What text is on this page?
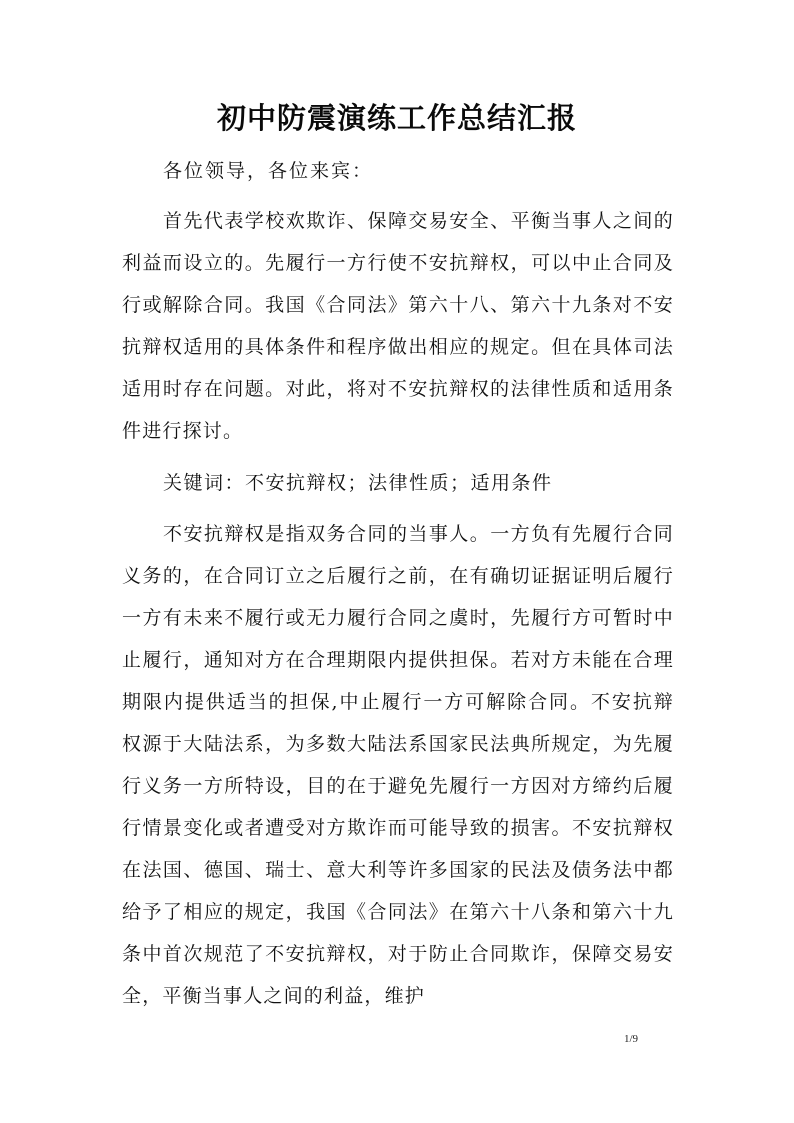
初中防震演练工作总结汇报
各位领导，各位来宾：

首先代表学校欢欺诈、保障交易安全、平衡当事人之间的利益而设立的。先履行一方行使不安抗辩权，可以中止合同及行或解除合同。我国《合同法》第六十八、第六十九条对不安抗辩权适用的具体条件和程序做出相应的规定。但在具体司法适用时存在问题。对此，将对不安抗辩权的法律性质和适用条件进行探讨。

关键词：不安抗辩权；法律性质；适用条件

不安抗辩权是指双务合同的当事人。一方负有先履行合同义务的，在合同订立之后履行之前，在有确切证据证明后履行一方有未来不履行或无力履行合同之虞时，先履行方可暂时中止履行，通知对方在合理期限内提供担保。若对方未能在合理期限内提供适当的担保,中止履行一方可解除合同。不安抗辩权源于大陆法系，为多数大陆法系国家民法典所规定，为先履行义务一方所特设，目的在于避免先履行一方因对方缔约后履行情景变化或者遭受对方欺诈而可能导致的损害。不安抗辩权在法国、德国、瑞士、意大利等许多国家的民法及债务法中都给予了相应的规定，我国《合同法》在第六十八条和第六十九条中首次规范了不安抗辩权，对于防止合同欺诈，保障交易安全，平衡当事人之间的利益，维护

1/9
